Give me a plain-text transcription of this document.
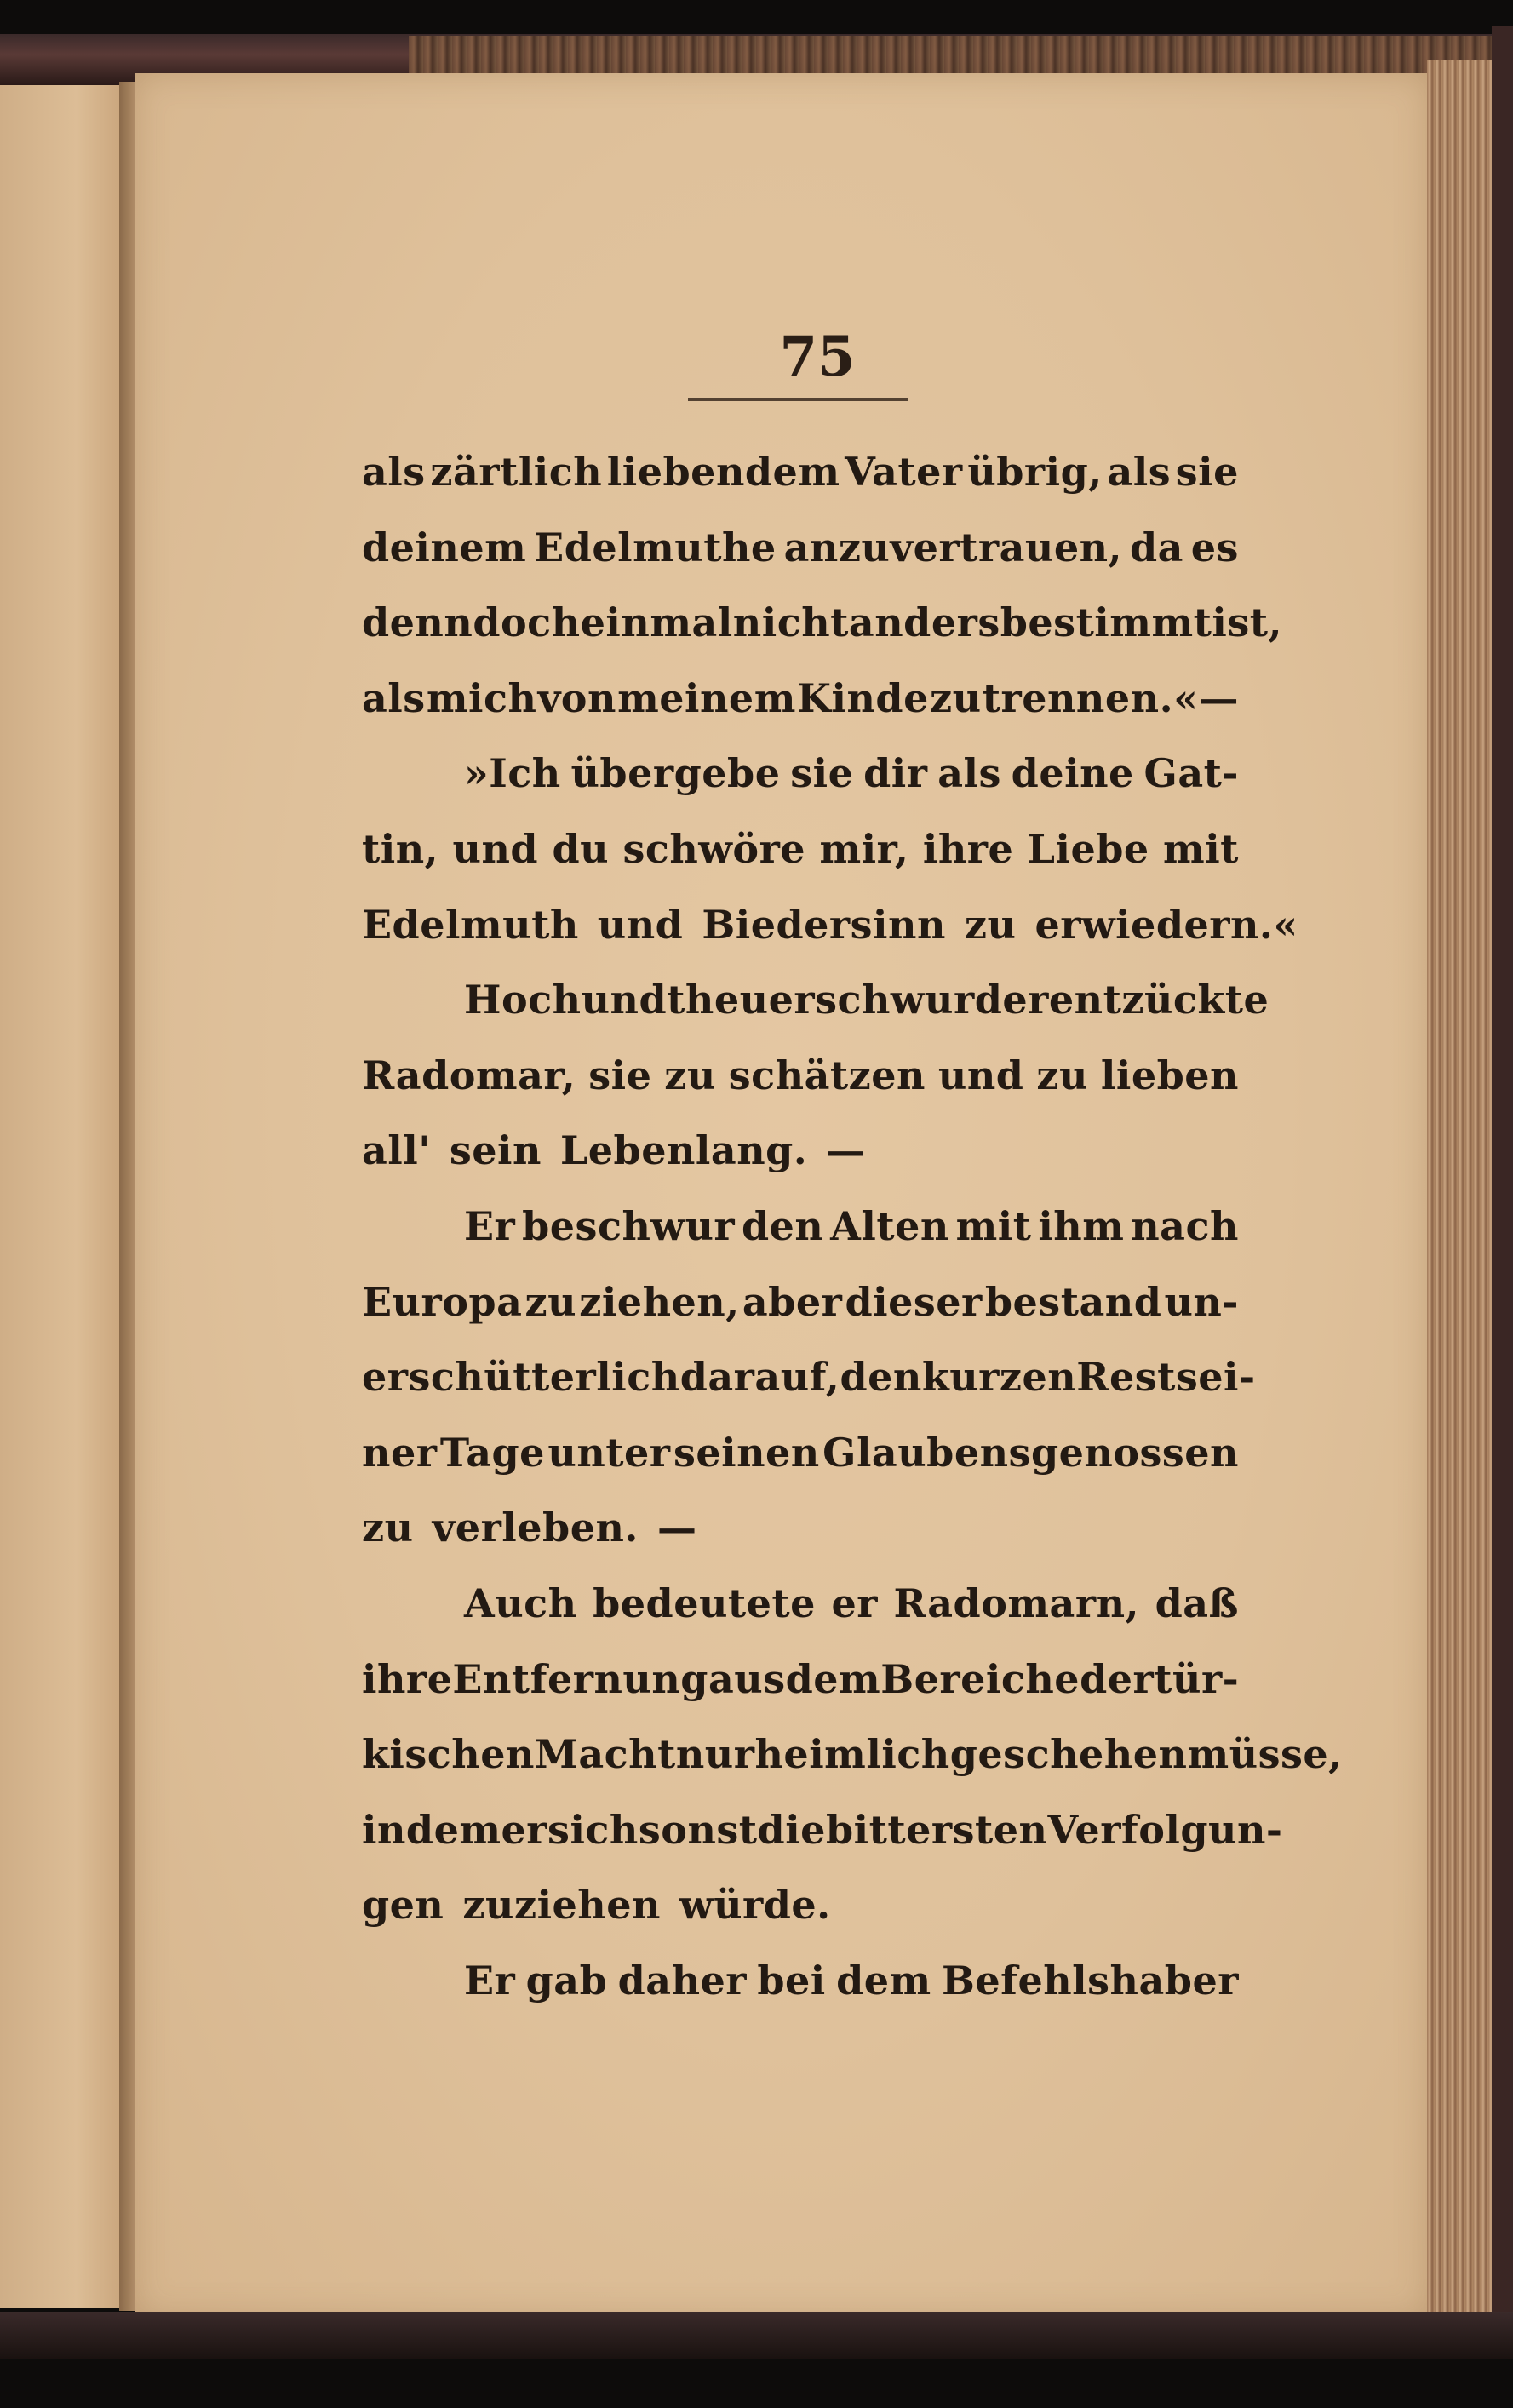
75
als zärtlich liebendem Vater übrig, als sie
deinem Edelmuthe anzuvertrauen, da es
denn doch einmal nicht anders bestimmt ist,
als mich von meinem Kinde zu trennen.« —
»Ich übergebe sie dir als deine Gat-
tin, und du schwöre mir, ihre Liebe mit
Edelmuth und Biedersinn zu erwiedern.«
Hoch und theuer schwur der entzückte
Radomar, sie zu schätzen und zu lieben
all' sein Lebenlang. —
Er beschwur den Alten mit ihm nach
Europa zu ziehen, aber dieser bestand un-
erschütterlich darauf, den kurzen Rest sei-
ner Tage unter seinen Glaubensgenossen
zu verleben. —
Auch bedeutete er Radomarn, daß
ihre Entfernung aus dem Bereiche der tür-
kischen Macht nur heimlich geschehen müsse,
indem er sich sonst die bittersten Verfolgun-
gen zuziehen würde.
Er gab daher bei dem Befehlshaber
